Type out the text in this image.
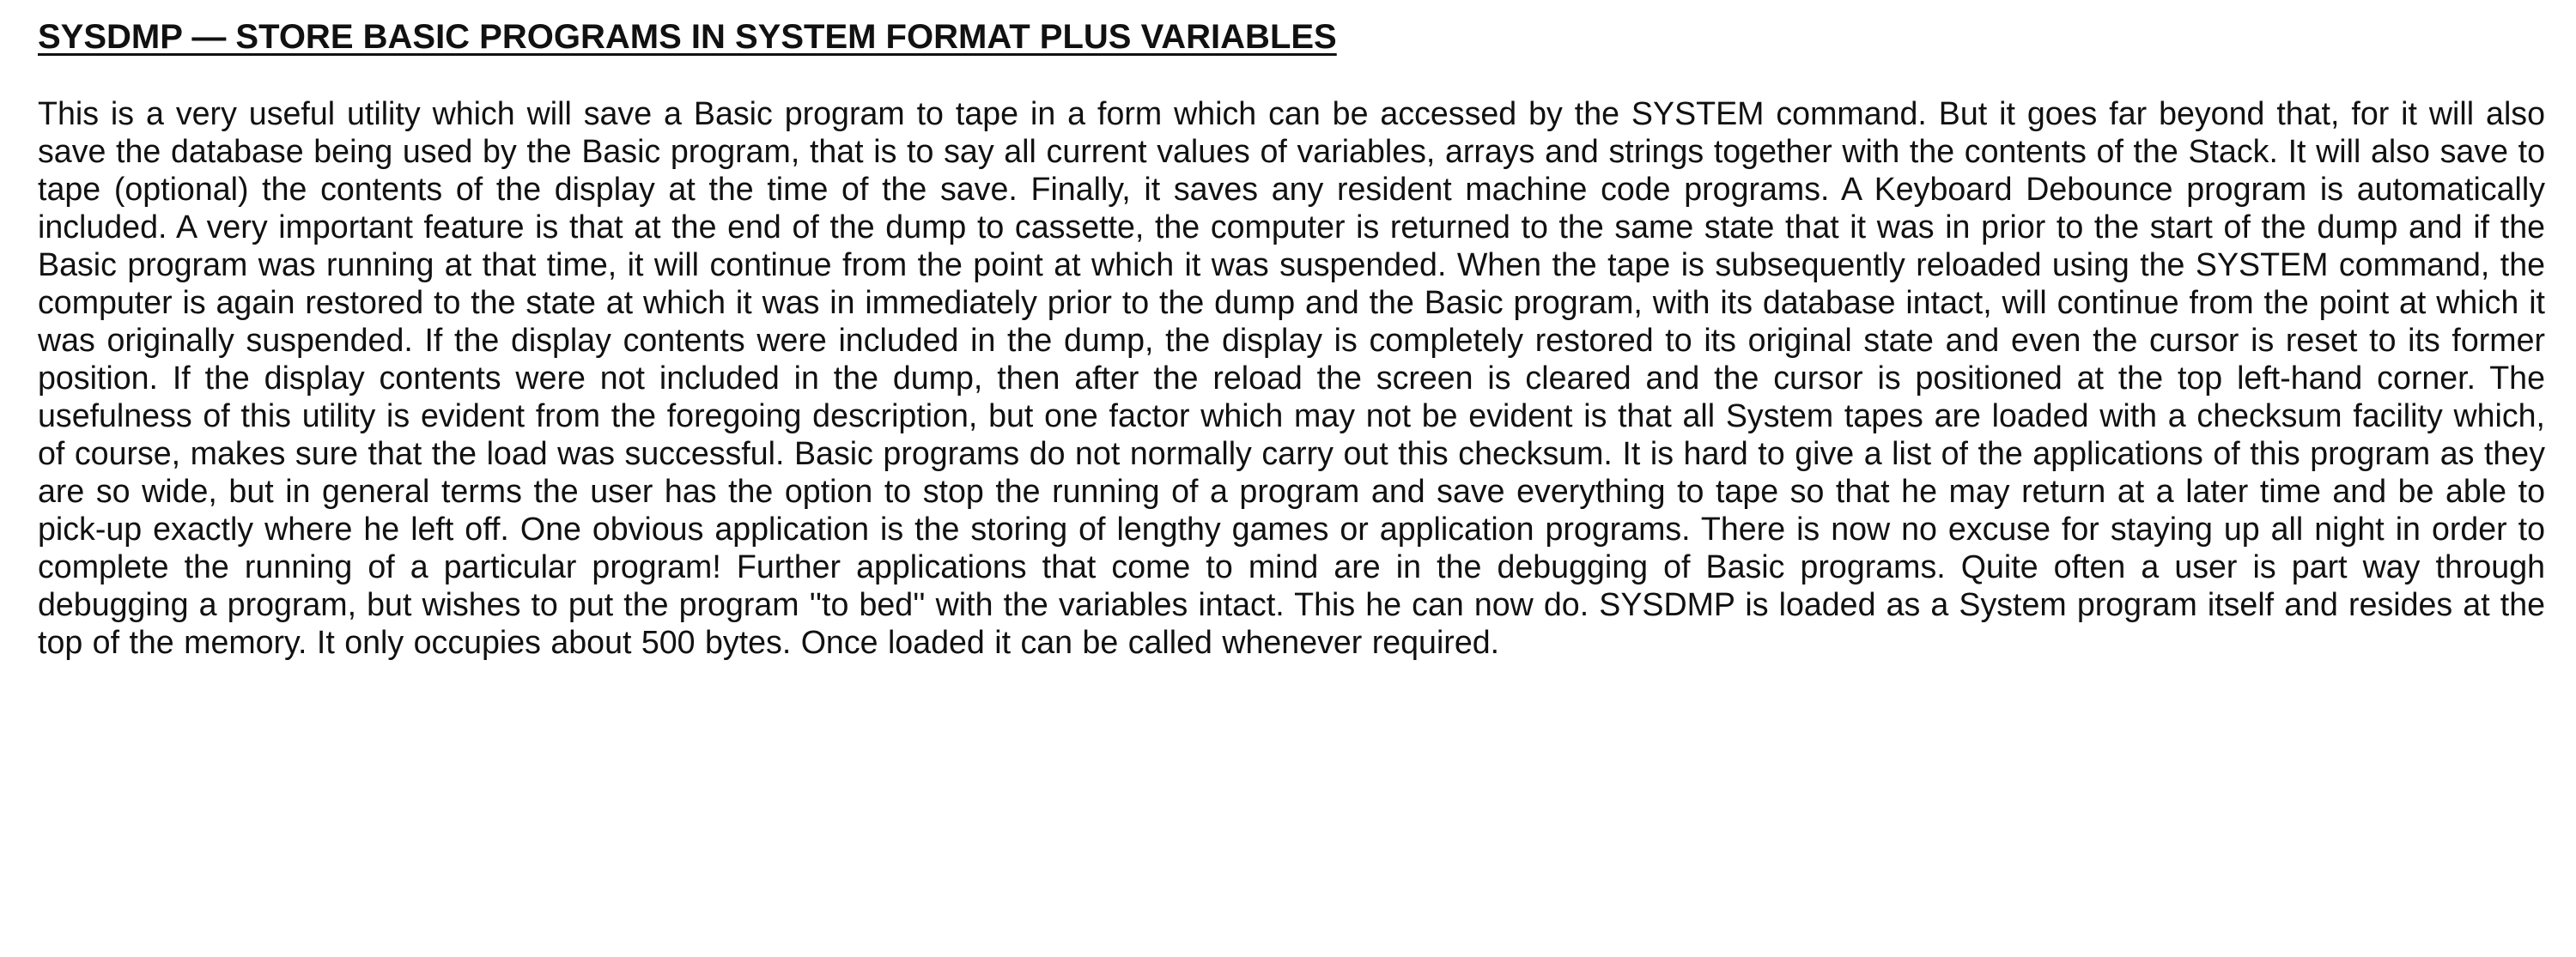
SYSDMP — STORE BASIC PROGRAMS IN SYSTEM FORMAT PLUS VARIABLES

This is a very useful utility which will save a Basic program to tape in a form which can be accessed by the SYSTEM command. But it goes far beyond that, for it will also save the database being used by the Basic program, that is to say all current values of variables, arrays and strings together with the contents of the Stack. It will also save to tape (optional) the contents of the display at the time of the save. Finally, it saves any resident machine code programs. A Keyboard Debounce program is automatically included. A very important feature is that at the end of the dump to cassette, the computer is returned to the same state that it was in prior to the start of the dump and if the Basic program was running at that time, it will continue from the point at which it was suspended. When the tape is subsequently reloaded using the SYSTEM command, the computer is again restored to the state at which it was in immediately prior to the dump and the Basic program, with its database intact, will continue from the point at which it was originally suspended. If the display contents were included in the dump, the display is completely restored to its original state and even the cursor is reset to its former position. If the display contents were not included in the dump, then after the reload the screen is cleared and the cursor is positioned at the top left-hand corner. The usefulness of this utility is evident from the foregoing description, but one factor which may not be evident is that all System tapes are loaded with a checksum facility which, of course, makes sure that the load was successful. Basic programs do not normally carry out this checksum. It is hard to give a list of the applications of this program as they are so wide, but in general terms the user has the option to stop the running of a program and save everything to tape so that he may return at a later time and be able to pick-up exactly where he left off. One obvious application is the storing of lengthy games or application programs. There is now no excuse for staying up all night in order to complete the running of a particular program! Further applications that come to mind are in the debugging of Basic programs. Quite often a user is part way through debugging a program, but wishes to put the program ''to bed'' with the variables intact. This he can now do. SYSDMP is loaded as a System program itself and resides at the top of the memory. It only occupies about 500 bytes. Once loaded it can be called whenever required.
